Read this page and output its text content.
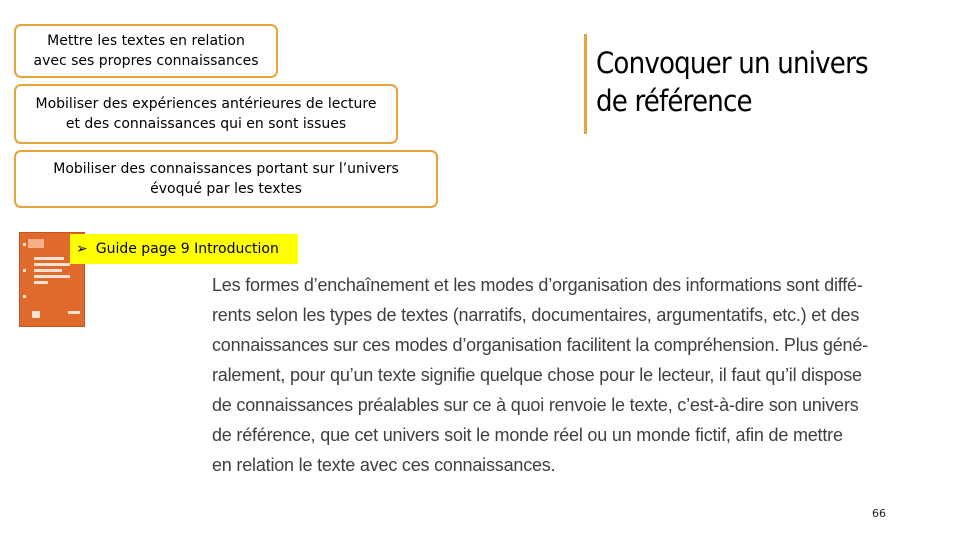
Mettre les textes en relation
avec ses propres connaissances
Mobiliser des expériences antérieures de lecture
et des connaissances qui en sont issues
Mobiliser des connaissances portant sur l’univers
évoqué par les textes
Convoquer un univers
de référence
➢ Guide page 9 Introduction
Les formes d’enchaînement et les modes d’organisation des informations sont diffé-
rents selon les types de textes (narratifs, documentaires, argumentatifs, etc.) et des
connaissances sur ces modes d’organisation facilitent la compréhension. Plus géné-
ralement, pour qu’un texte signifie quelque chose pour le lecteur, il faut qu’il dispose
de connaissances préalables sur ce à quoi renvoie le texte, c’est-à-dire son univers
de référence, que cet univers soit le monde réel ou un monde fictif, afin de mettre
en relation le texte avec ces connaissances.
66
